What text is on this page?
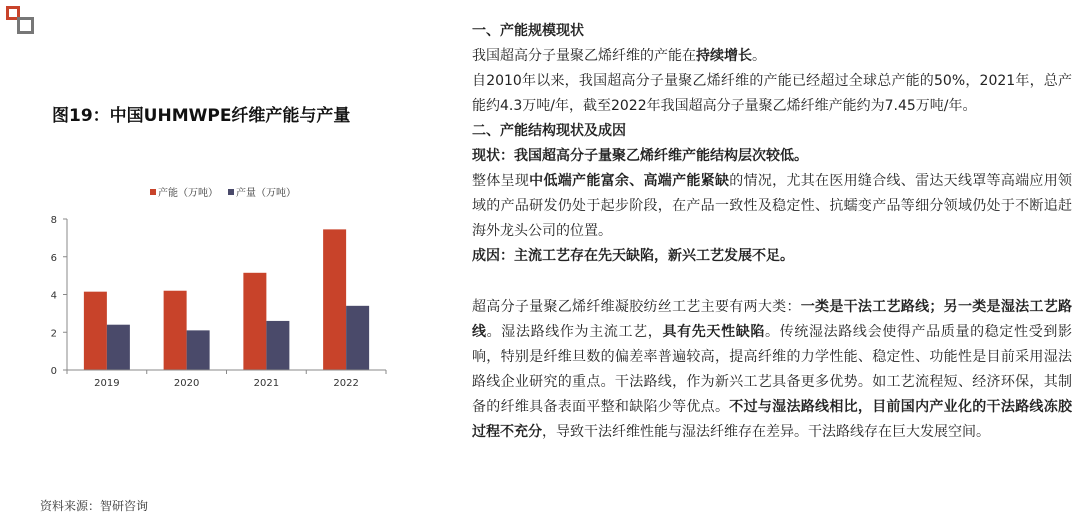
图19：中国UHMWPE纤维产能与产量
产能（万吨） 产量（万吨）
0
2
4
6
8
2019	2020	2021	2022
资料来源：智研咨询

一、产能规模现状

我国超高分子量聚乙烯纤维的产能在持续增长。

自2010年以来，我国超高分子量聚乙烯纤维的产能已经超过全球总产能的50%，2021年，总产能约4.3万吨/年，截至2022年我国超高分子量聚乙烯纤维产能约为7.45万吨/年。

二、产能结构现状及成因

现状：我国超高分子量聚乙烯纤维产能结构层次较低。

整体呈现中低端产能富余、高端产能紧缺的情况，尤其在医用缝合线、雷达天线罩等高端应用领域的产品研发仍处于起步阶段，在产品一致性及稳定性、抗蠕变产品等细分领域仍处于不断追赶海外龙头公司的位置。

成因：主流工艺存在先天缺陷，新兴工艺发展不足。

超高分子量聚乙烯纤维凝胶纺丝工艺主要有两大类：一类是干法工艺路线；另一类是湿法工艺路线。湿法路线作为主流工艺，具有先天性缺陷。传统湿法路线会使得产品质量的稳定性受到影响，特别是纤维旦数的偏差率普遍较高，提高纤维的力学性能、稳定性、功能性是目前采用湿法路线企业研究的重点。干法路线，作为新兴工艺具备更多优势。如工艺流程短、经济环保，其制备的纤维具备表面平整和缺陷少等优点。不过与湿法路线相比，目前国内产业化的干法路线冻胶过程不充分，导致干法纤维性能与湿法纤维存在差异。干法路线存在巨大发展空间。
